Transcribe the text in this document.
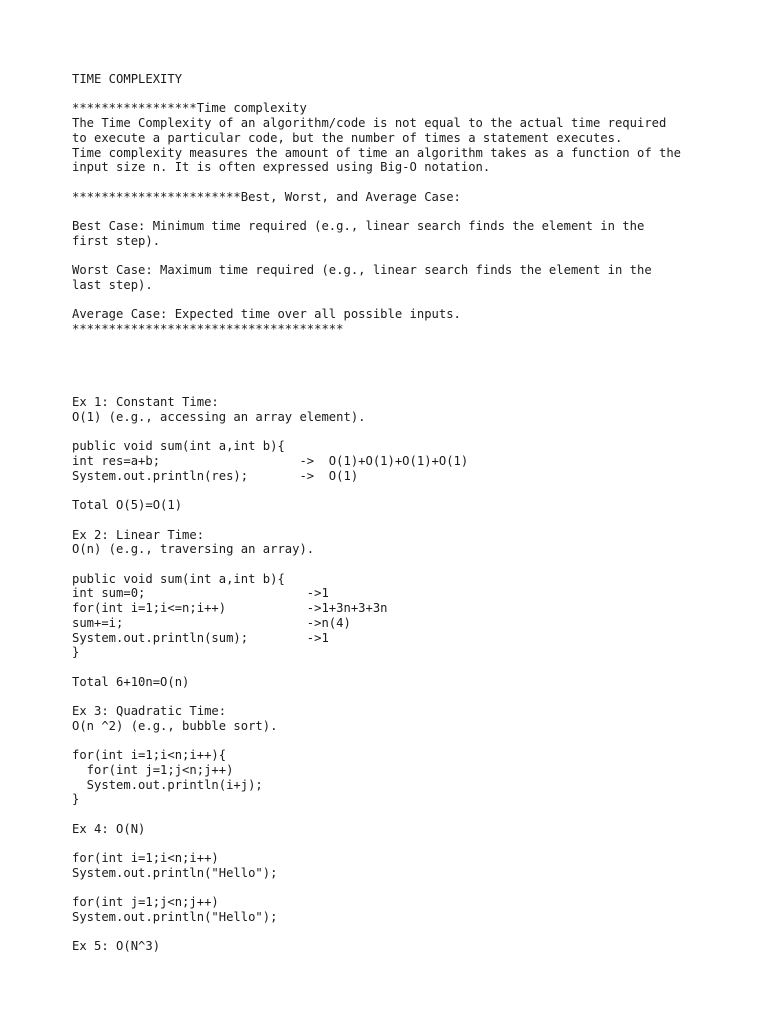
TIME COMPLEXITY
*****************Time complexity
The Time Complexity of an algorithm/code is not equal to the actual time required
to execute a particular code, but the number of times a statement executes.
Time complexity measures the amount of time an algorithm takes as a function of the
input size n. It is often expressed using Big-O notation.
***********************Best, Worst, and Average Case:
Best Case: Minimum time required (e.g., linear search finds the element in the
first step).
Worst Case: Maximum time required (e.g., linear search finds the element in the
last step).
Average Case: Expected time over all possible inputs.
*************************************
Ex 1: Constant Time:
O(1) (e.g., accessing an array element).
public void sum(int a,int b){
int res=a+b;                   ->  O(1)+O(1)+O(1)+O(1)
System.out.println(res);       ->  O(1)
Total O(5)=O(1)
Ex 2: Linear Time:
O(n) (e.g., traversing an array).
public void sum(int a,int b){
int sum=0;                      ->1
for(int i=1;i<=n;i++)           ->1+3n+3+3n
sum+=i;                         ->n(4)
System.out.println(sum);        ->1
}
Total 6+10n=O(n)
Ex 3: Quadratic Time:
O(n ^2) (e.g., bubble sort).
for(int i=1;i<n;i++){
for(int j=1;j<n;j++)
System.out.println(i+j);
}
Ex 4: O(N)
for(int i=1;i<n;i++)
System.out.println("Hello");
for(int j=1;j<n;j++)
System.out.println("Hello");
Ex 5: O(N^3)
